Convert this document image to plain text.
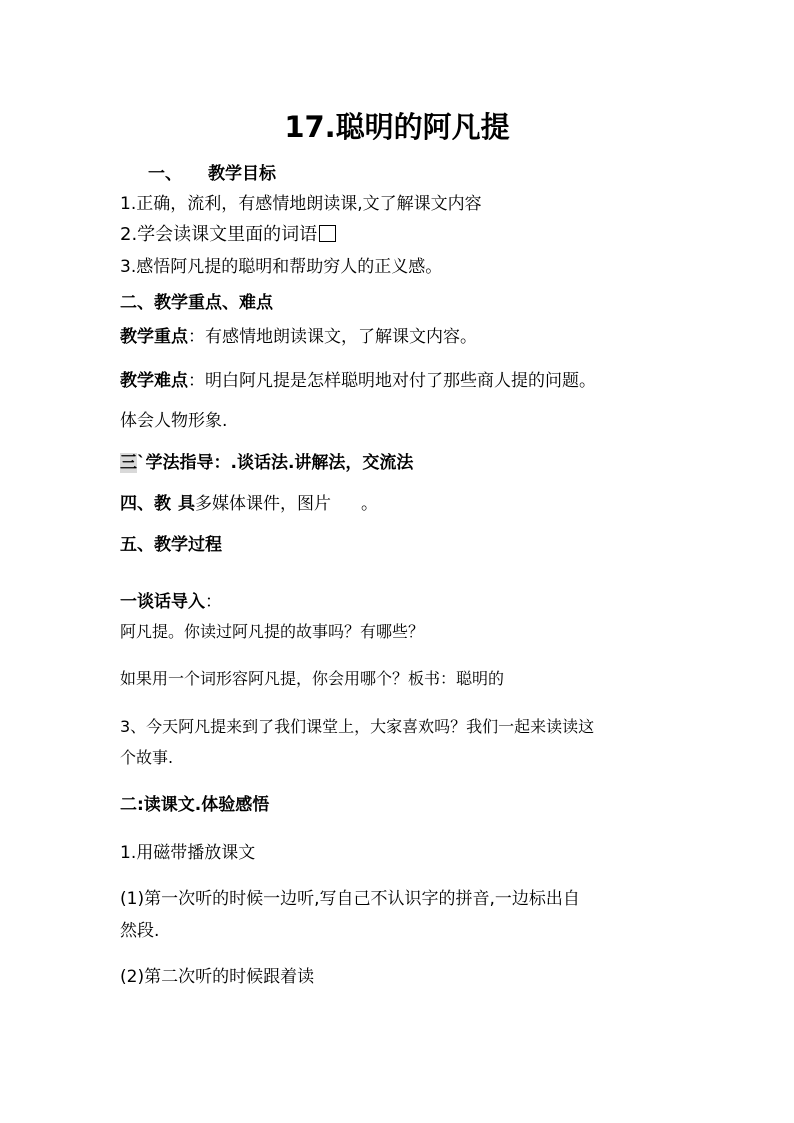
17.聪明的阿凡提
一、 教学目标
1.正确，流利，有感情地朗读课,文了解课文内容
2.学会读课文里面的词语
3.感悟阿凡提的聪明和帮助穷人的正义感。
二、教学重点、难点
教学重点：有感情地朗读课文，了解课文内容。
教学难点：明白阿凡提是怎样聪明地对付了那些商人提的问题。
体会人物形象.
三`学法指导：.谈话法.讲解法，交流法
四、教 具多媒体课件，图片 。
五、教学过程
一谈话导入：
阿凡提。你读过阿凡提的故事吗？有哪些？
如果用一个词形容阿凡提，你会用哪个？板书：聪明的
3、今天阿凡提来到了我们课堂上，大家喜欢吗？我们一起来读读这
个故事.
二:读课文.体验感悟
1.用磁带播放课文
(1)第一次听的时候一边听,写自己不认识字的拼音,一边标出自
然段.
(2)第二次听的时候跟着读
